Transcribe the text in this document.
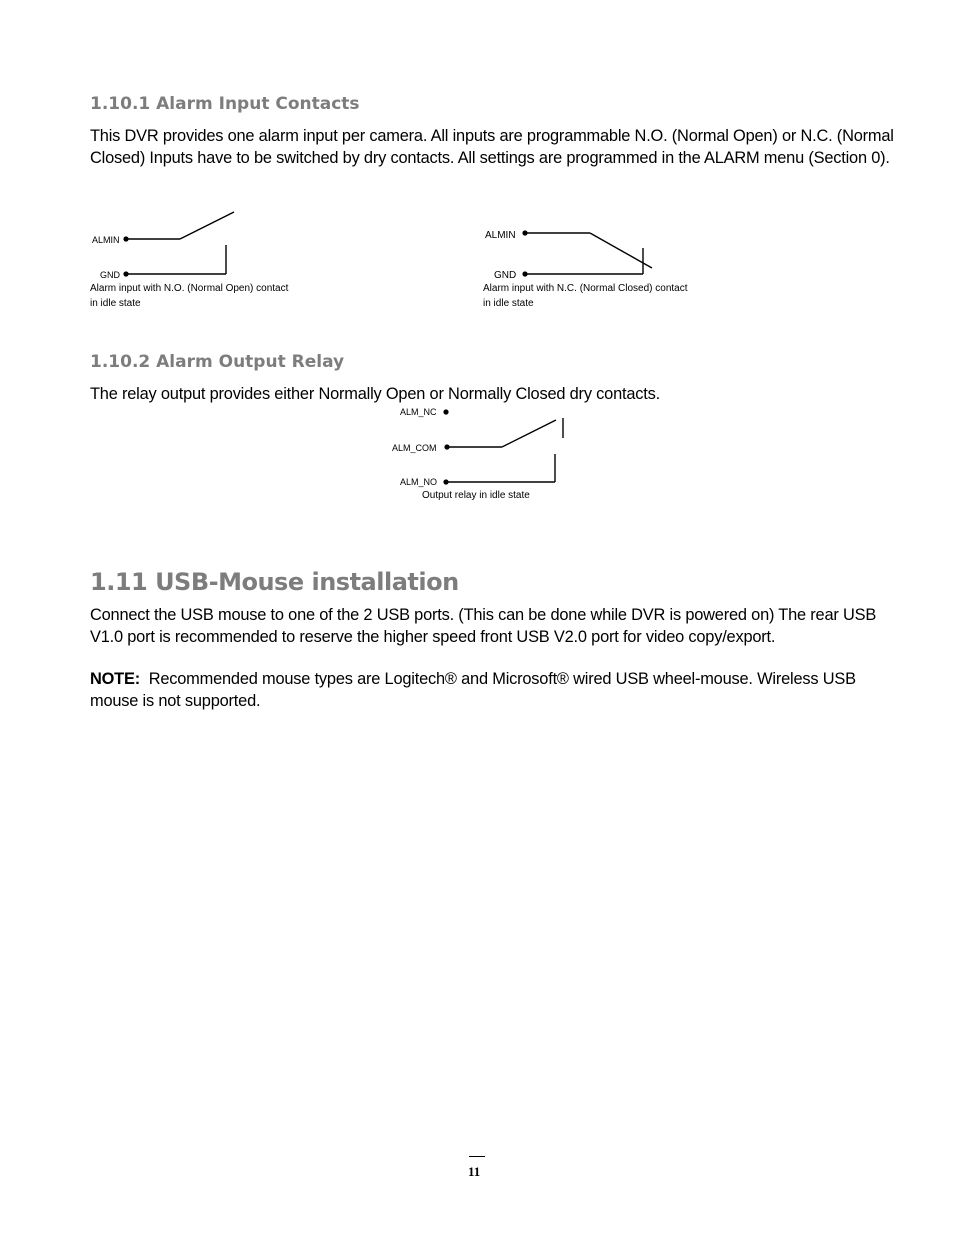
1.10.1 Alarm Input Contacts
This DVR provides one alarm input per camera. All inputs are programmable N.O. (Normal Open) or N.C. (Normal
Closed) Inputs have to be switched by dry contacts. All settings are programmed in the ALARM menu (Section 0).
ALMIN
GND
Alarm input with N.O. (Normal Open) contact
in idle state
ALMIN
GND
Alarm input with N.C. (Normal Closed) contact
in idle state
1.10.2 Alarm Output Relay
The relay output provides either Normally Open or Normally Closed dry contacts.
ALM_NC
ALM_COM
ALM_NO
Output relay in idle state
1.11 USB-Mouse installation
Connect the USB mouse to one of the 2 USB ports. (This can be done while DVR is powered on) The rear USB
V1.0 port is recommended to reserve the higher speed front USB V2.0 port for video copy/export.
NOTE: Recommended mouse types are Logitech® and Microsoft® wired USB wheel-mouse. Wireless USB
mouse is not supported.
11
